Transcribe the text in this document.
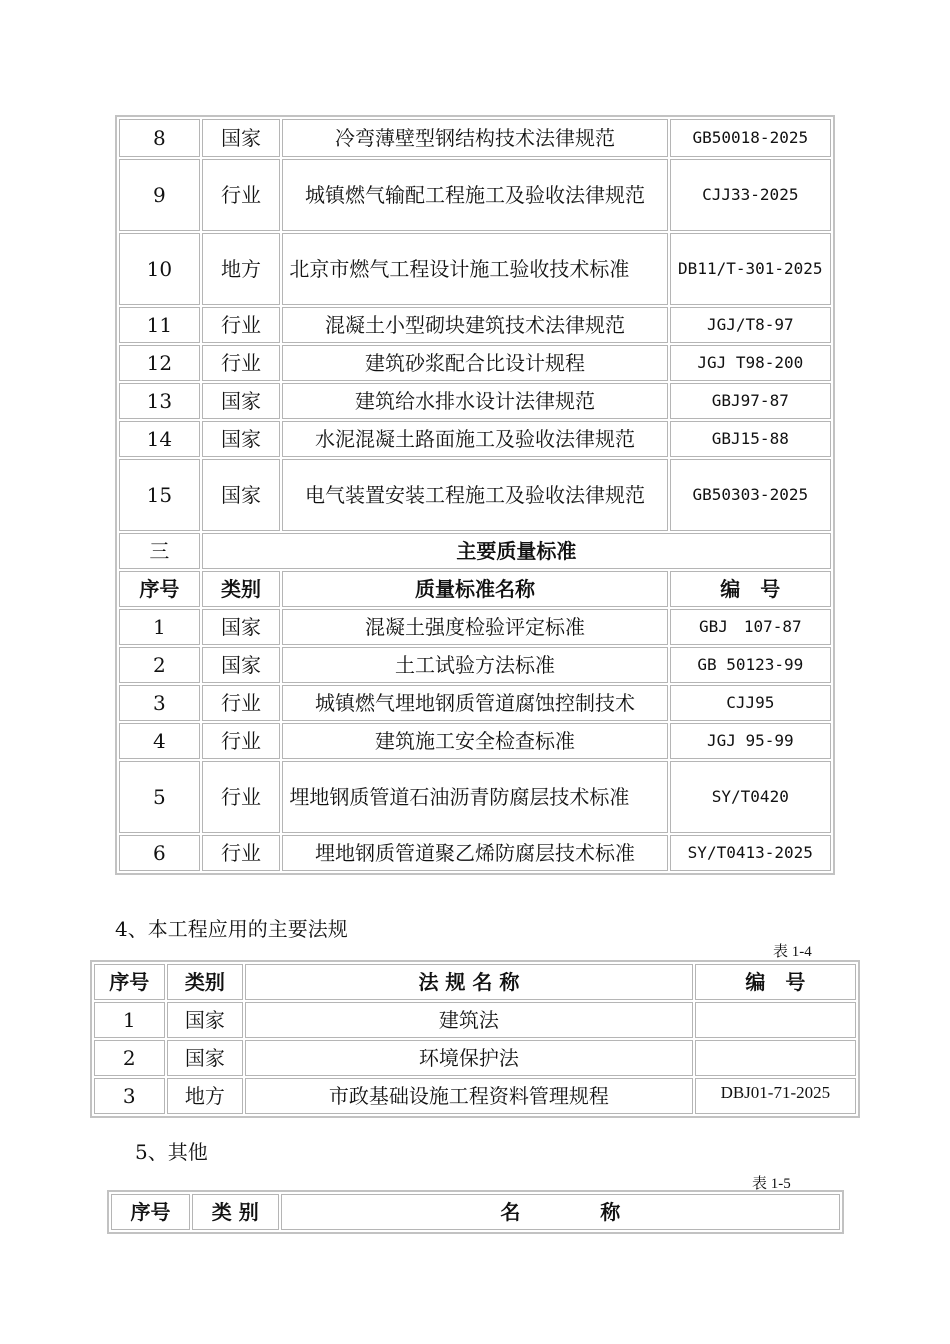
8	国家	冷弯薄壁型钢结构技术法律规范	GB50018-2025
9	行业	城镇燃气输配工程施工及验收法律规范	CJJ33-2025
10	地方	北京市燃气工程设计施工验收技术标准	DB11/T-301-2025
11	行业	混凝土小型砌块建筑技术法律规范	JGJ/T8-97
12	行业	建筑砂浆配合比设计规程	JGJ T98-200
13	国家	建筑给水排水设计法律规范	GBJ97-87
14	国家	水泥混凝土路面施工及验收法律规范	GBJ15-88
15	国家	电气装置安装工程施工及验收法律规范	GB50303-2025
三	主要质量标准		
序号	类别	质量标准名称	编　号
1	国家	混凝土强度检验评定标准	GBJ　107-87
2	国家	土工试验方法标准	GB 50123-99
3	行业	城镇燃气埋地钢质管道腐蚀控制技术	CJJ95
4	行业	建筑施工安全检查标准	JGJ 95-99
5	行业	埋地钢质管道石油沥青防腐层技术标准	SY/T0420
6	行业	埋地钢质管道聚乙烯防腐层技术标准	SY/T0413-2025
4、本工程应用的主要法规
表 1-4
序号	类别	法 规 名 称	编　号
1	国家	建筑法	
2	国家	环境保护法	
3	地方	市政基础设施工程资料管理规程	DBJ01-71-2025
5、其他
表 1-5
序号	类 别	名　　　　称
